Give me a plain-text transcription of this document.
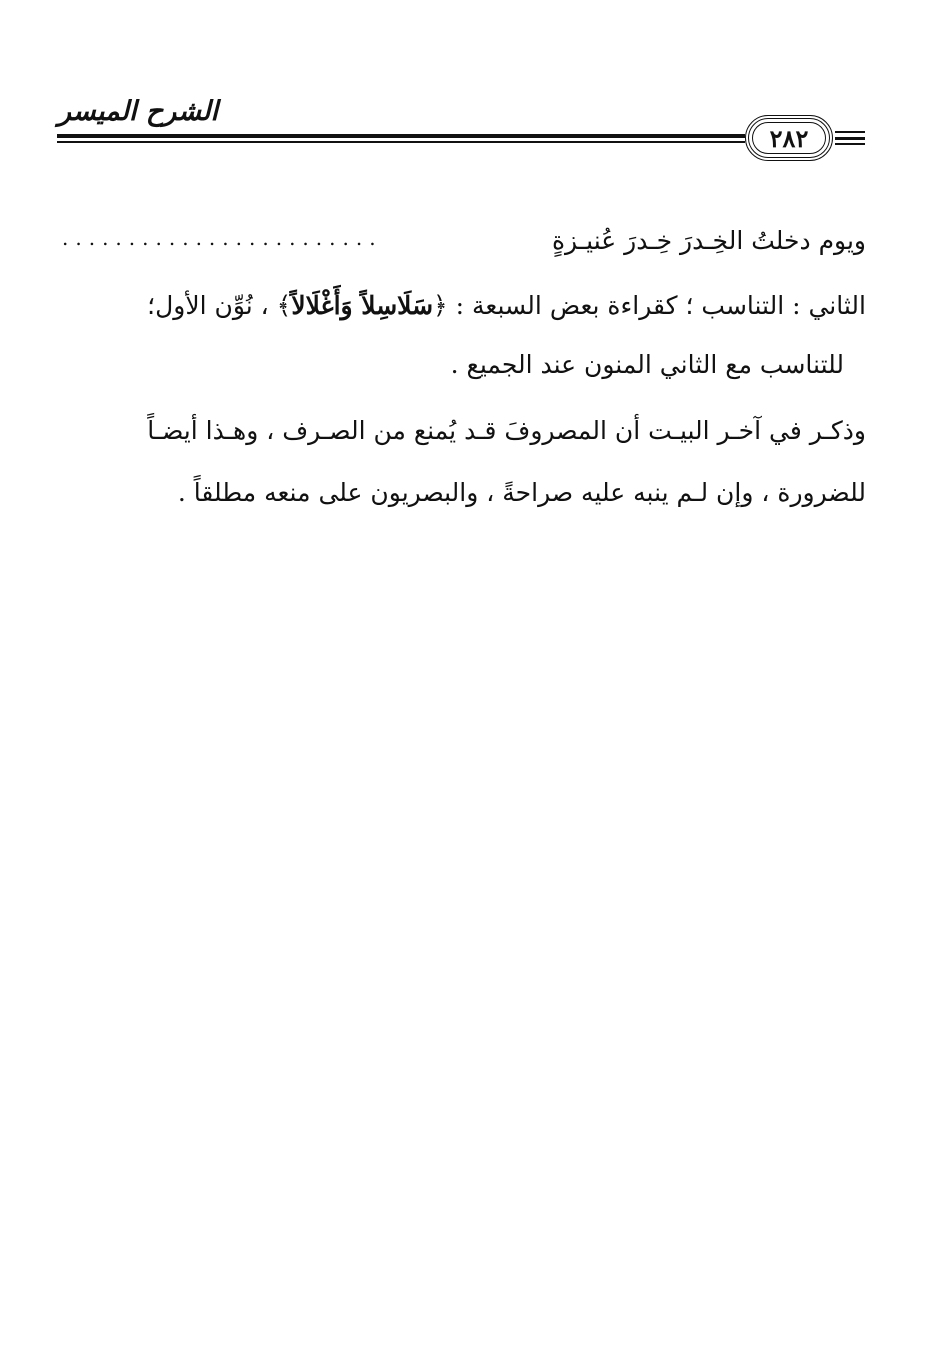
الشرح الميسر
٢٨٢
ويوم دخلتُ الخِـدرَ خِـدرَ عُنيـزةٍ
........................
الثاني : التناسب ؛ كقراءة بعض السبعة : ﴿سَلَاسِلاً وَأَغْلَالاً﴾ ، نُوِّن الأول؛
للتناسب مع الثاني المنون عند الجميع .
وذكـر في آخـر البيـت أن المصروفَ قـد يُمنع من الصـرف ، وهـذا أيضـاً
للضرورة ، وإن لـم ينبه عليه صراحةً ، والبصريون على منعه مطلقاً .
